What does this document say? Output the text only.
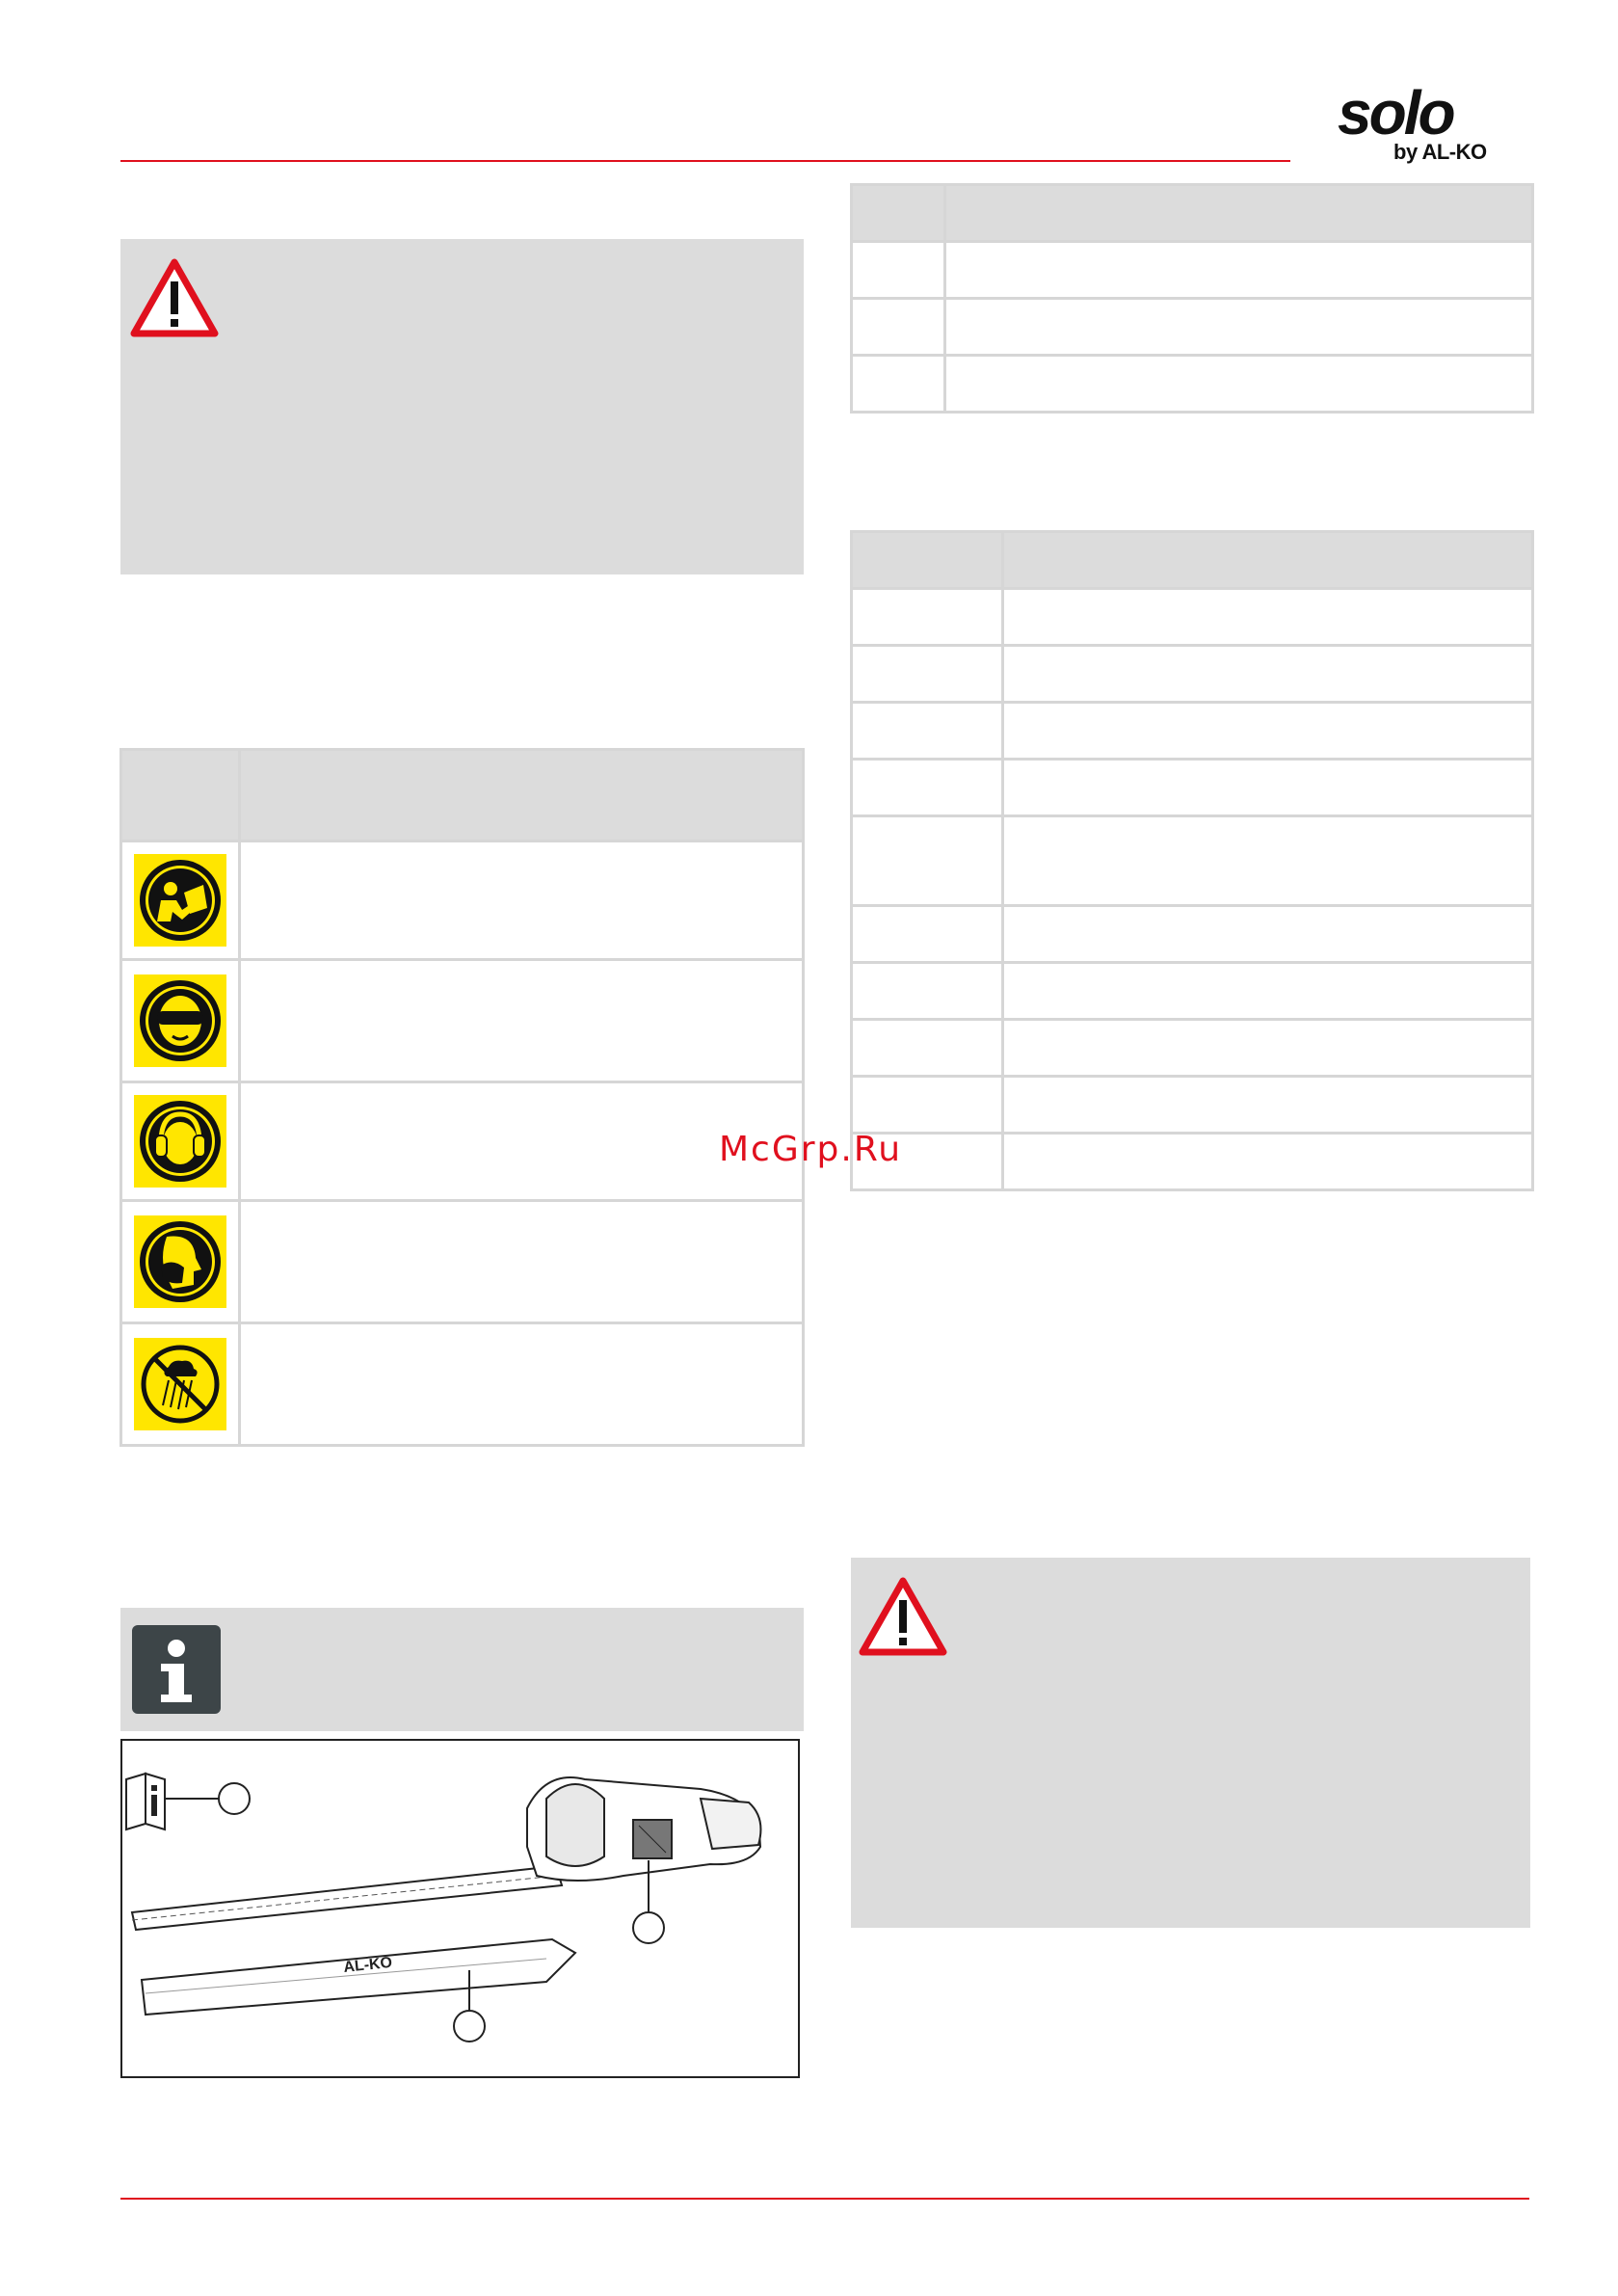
solo
by AL-KO

AL-KO

McGrp.Ru
